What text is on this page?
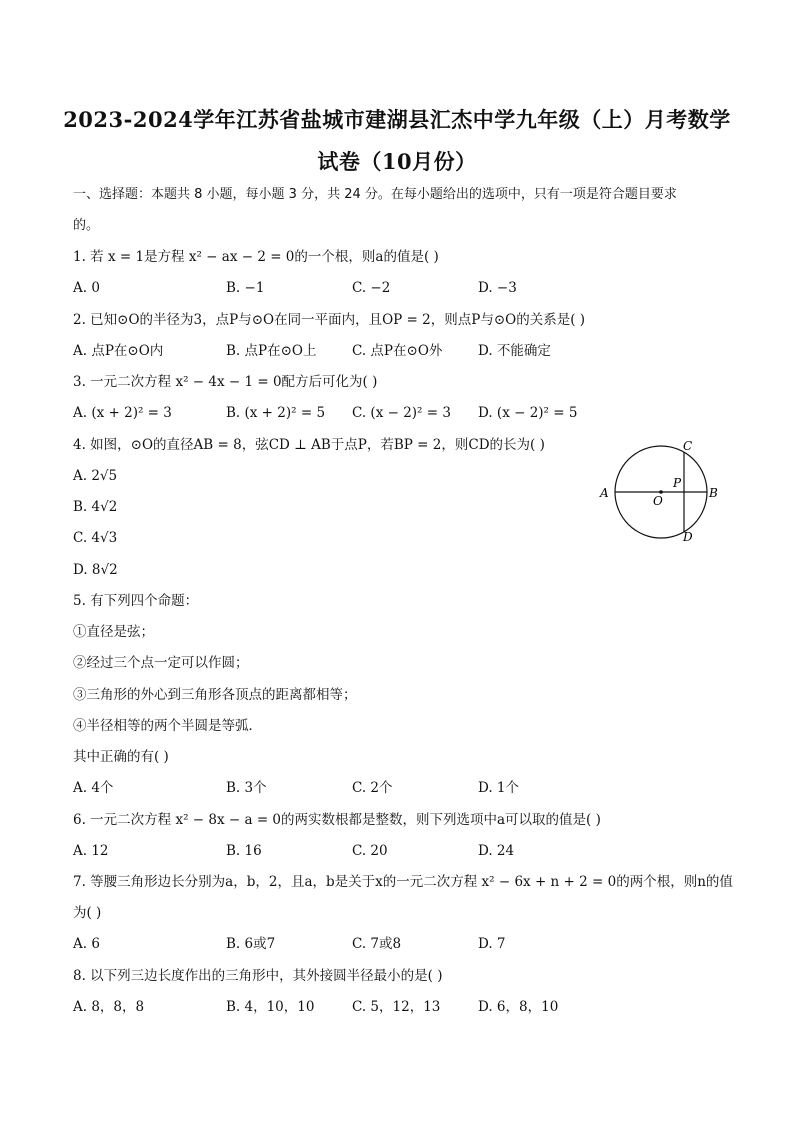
2023-2024学年江苏省盐城市建湖县汇杰中学九年级（上）月考数学
试卷（10月份）
一、选择题：本题共 8 小题，每小题 3 分，共 24 分。在每小题给出的选项中，只有一项是符合题目要求
的。
1. 若 x = 1是方程 x² − ax − 2 = 0的一个根，则a的值是( )
A. 0	B. −1	C. −2	D. −3
2. 已知⊙O的半径为3，点P与⊙O在同一平面内，且OP = 2，则点P与⊙O的关系是( )
A. 点P在⊙O内	B. 点P在⊙O上	C. 点P在⊙O外	D. 不能确定
3. 一元二次方程 x² − 4x − 1 = 0配方后可化为( )
A. (x + 2)² = 3	B. (x + 2)² = 5 C. (x − 2)² = 3 D. (x − 2)² = 5
4. 如图，⊙O的直径AB = 8，弦CD ⊥ AB于点P，若BP = 2，则CD的长为( )
A. 2√5
B. 4√2
C. 4√3
D. 8√2
A	B
C
D
O
P
5. 有下列四个命题：
①直径是弦；
②经过三个点一定可以作圆；
③三角形的外心到三角形各顶点的距离都相等；
④半径相等的两个半圆是等弧．
其中正确的有( )
A. 4个	B. 3个	C. 2个	D. 1个
6. 一元二次方程 x² − 8x − a = 0的两实数根都是整数，则下列选项中a可以取的值是( )
A. 12	B. 16	C. 20	D. 24
7. 等腰三角形边长分别为a，b，2，且a，b是关于x的一元二次方程 x² − 6x + n + 2 = 0的两个根，则n的值
为( )
A. 6	B. 6或7	C. 7或8	D. 7
8. 以下列三边长度作出的三角形中，其外接圆半径最小的是( )
A. 8，8，8	B. 4，10，10	C. 5，12，13	D. 6，8，10
